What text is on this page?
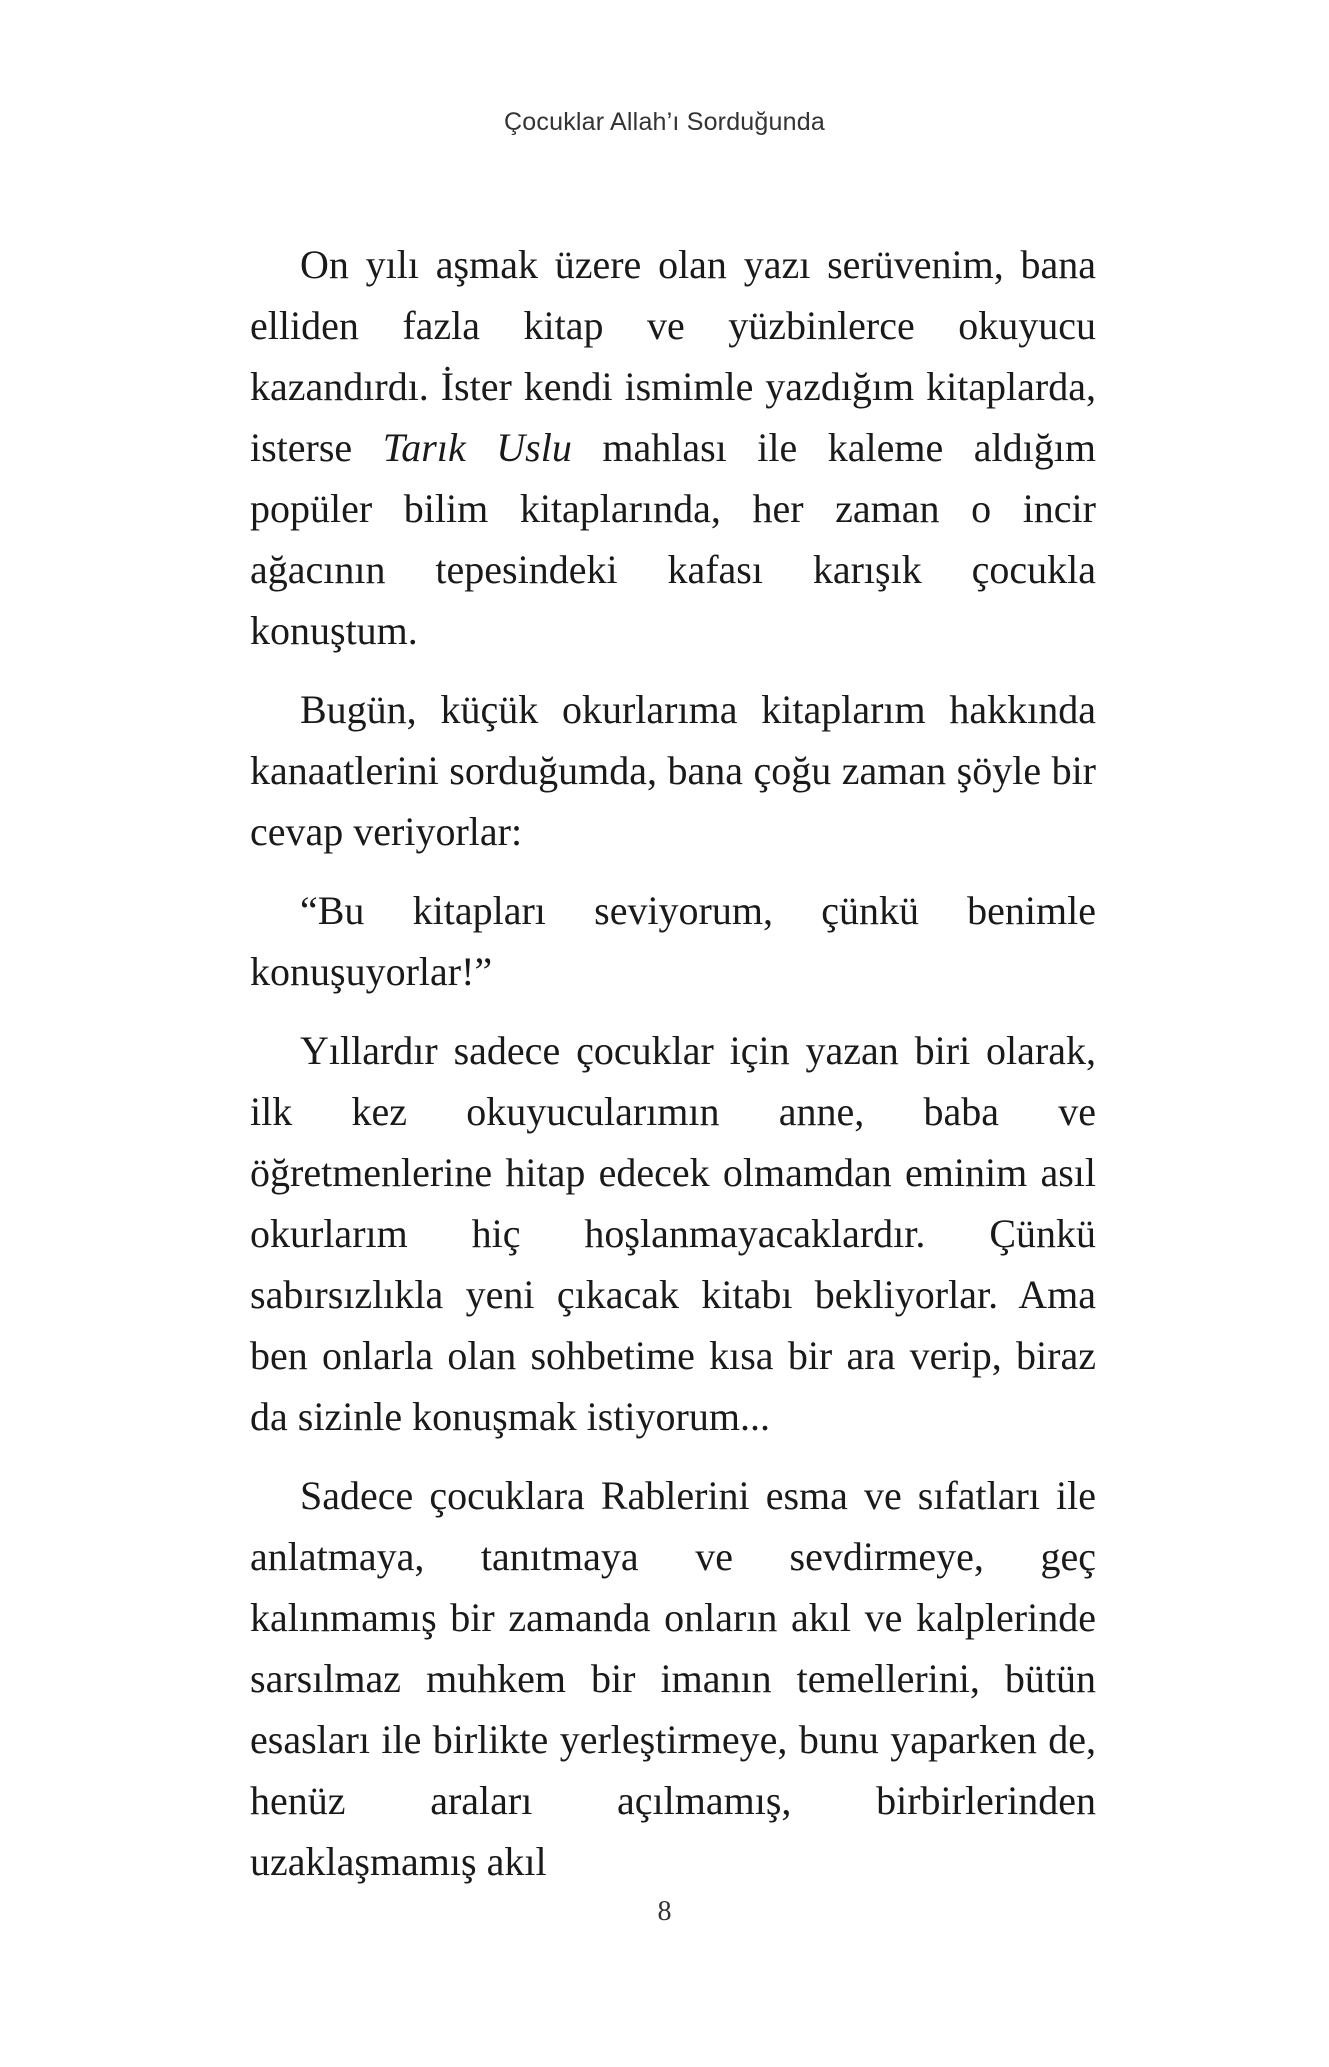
Çocuklar Allah’ı Sorduğunda

On yılı aşmak üzere olan yazı serüvenim, bana elliden fazla kitap ve yüzbinlerce okuyucu kazandırdı. İster kendi ismimle yazdığım kitaplarda, isterse Tarık Uslu mahlası ile kaleme aldığım popüler bilim kitaplarında, her zaman o incir ağacının tepesindeki kafası karışık çocukla konuştum.

Bugün, küçük okurlarıma kitaplarım hakkında kanaatlerini sorduğumda, bana çoğu zaman şöyle bir cevap veriyorlar:

“Bu kitapları seviyorum, çünkü benimle konuşuyorlar!”

Yıllardır sadece çocuklar için yazan biri olarak, ilk kez okuyucularımın anne, baba ve öğretmenlerine hitap edecek olmamdan eminim asıl okurlarım hiç hoşlanmayacaklardır. Çünkü sabırsızlıkla yeni çıkacak kitabı bekliyorlar. Ama ben onlarla olan sohbetime kısa bir ara verip, biraz da sizinle konuşmak istiyorum...

Sadece çocuklara Rablerini esma ve sıfatları ile anlatmaya, tanıtmaya ve sevdirmeye, geç kalınmamış bir zamanda onların akıl ve kalplerinde sarsılmaz muhkem bir imanın temellerini, bütün esasları ile birlikte yerleştirmeye, bunu yaparken de, henüz araları açılmamış, birbirlerinden uzaklaşmamış akıl

8
